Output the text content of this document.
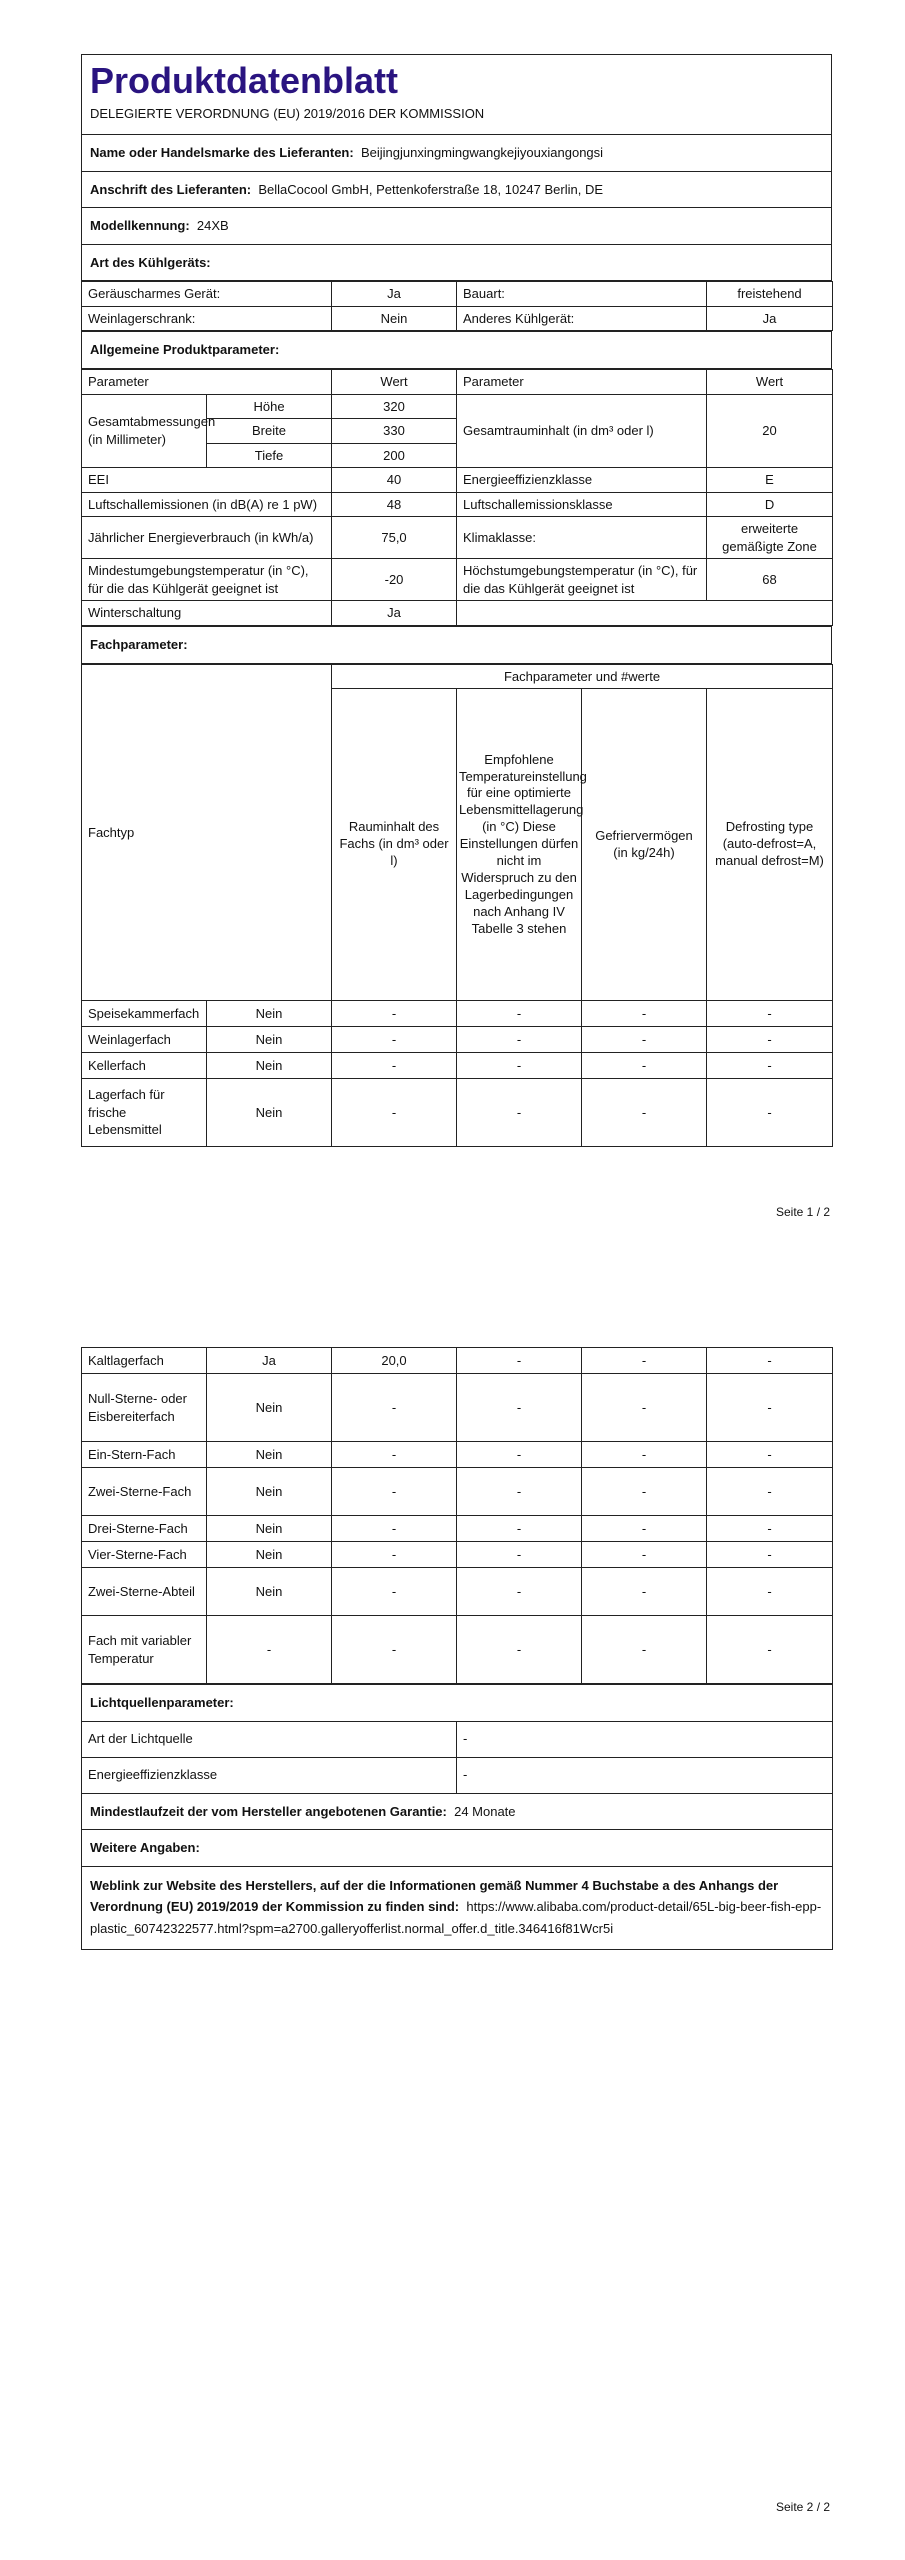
Produktdatenblatt
DELEGIERTE VERORDNUNG (EU) 2019/2016 DER KOMMISSION

Name oder Handelsmarke des Lieferanten: Beijingjunxingmingwangkejiyouxiangongsi
Anschrift des Lieferanten: BellaCocool GmbH, Pettenkoferstraße 18, 10247 Berlin, DE
Modellkennung: 24XB
Art des Kühlgeräts:
Geräuscharmes Gerät:	Ja	Bauart:	freistehend
Weinlagerschrank:	Nein	Anderes Kühlgerät:	Ja
Allgemeine Produktparameter:
Parameter		Wert	Parameter	Wert
Gesamtabmessungen (in Millimeter)	Höhe	320	Gesamtrauminhalt (in dm³ oder l)	20
	Breite	330		
	Tiefe	200		
EEI		40	Energieeffizienzklasse	E
Luftschallemissionen (in dB(A) re 1 pW)		48	Luftschallemissionsklasse	D
Jährlicher Energieverbrauch (in kWh/a)		75,0	Klimaklasse:	erweiterte gemäßigte Zone
Mindestumgebungstemperatur (in °C), für die das Kühlgerät geeignet ist		-20	Höchstumgebungstemperatur (in °C), für die das Kühlgerät geeignet ist	68
Winterschaltung		Ja		
Fachparameter:
Fachtyp		Fachparameter und #werte			
		Rauminhalt des Fachs (in dm³ oder l)	Empfohlene Temperatureinstellung für eine optimierte Lebensmittellagerung (in °C) Diese Einstellungen dürfen nicht im Widerspruch zu den Lagerbedingungen nach Anhang IV Tabelle 3 stehen	Gefriervermögen (in kg/24h)	Defrosting type (auto-defrost=A, manual defrost=M)
Speisekammerfach	Nein	-	-	-	-
Weinlagerfach	Nein	-	-	-	-
Kellerfach	Nein	-	-	-	-
Lagerfach für frische Lebensmittel	Nein	-	-	-	-
Seite 1 / 2
Kaltlagerfach	Ja	20,0	-	-	-
Null-Sterne- oder Eisbereiterfach	Nein	-	-	-	-
Ein-Stern-Fach	Nein	-	-	-	-
Zwei-Sterne-Fach	Nein	-	-	-	-
Drei-Sterne-Fach	Nein	-	-	-	-
Vier-Sterne-Fach	Nein	-	-	-	-
Zwei-Sterne-Abteil	Nein	-	-	-	-
Fach mit variabler Temperatur	-	-	-	-	-
Lichtquellenparameter:	
Art der Lichtquelle	-
Energieeffizienzklasse	-
Mindestlaufzeit der vom Hersteller angebotenen Garantie: 24 Monate	
Weitere Angaben:	
Weblink zur Website des Herstellers, auf der die Informationen gemäß Nummer 4 Buchstabe a des Anhangs der Verordnung (EU) 2019/2019 der Kommission zu finden sind: https://www.alibaba.com/product-detail/65L-big-beer-fish-epp-plastic_60742322577.html?spm=a2700.galleryofferlist.normal_offer.d_title.346416f81Wcr5i	
Seite 2 / 2
